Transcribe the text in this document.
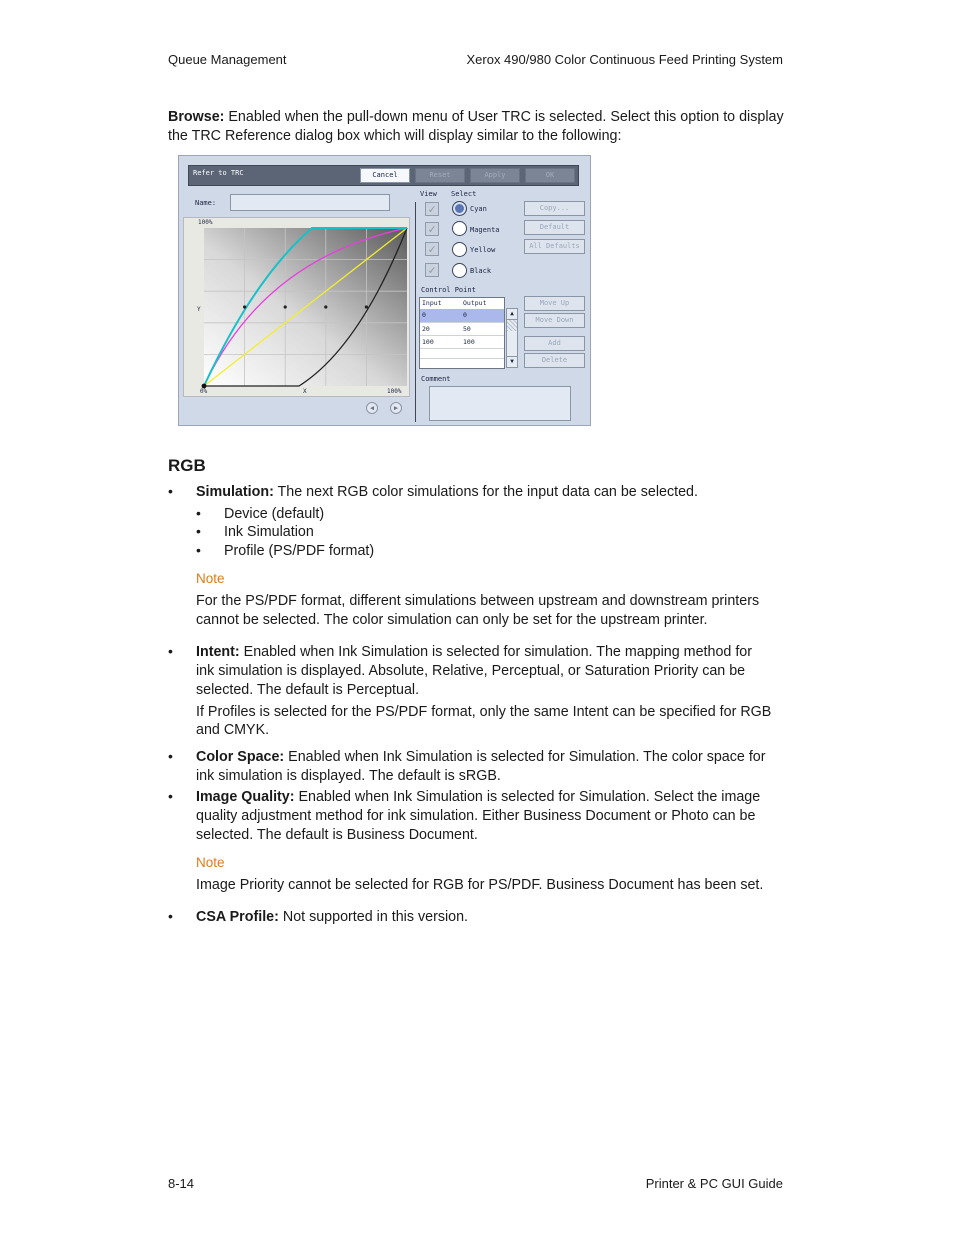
Queue Management	Xerox 490/980 Color Continuous Feed Printing System
Browse: Enabled when the pull-down menu of User TRC is selected. Select this option to display
the TRC Reference dialog box which will display similar to the following:
Refer to TRC	Cancel	Reset	Apply	OK
Name:
100%
Y
0%	X	100%
◀	▶
View Select
✓	Cyan
✓	Magenta
✓	Yellow
✓	Black
Copy...
Default
All Defaults
Control Point
Input	Output
0	0
20	50
100	100
▲
▼
Move Up
Move Down
Add
Delete
Comment
RGB
• Simulation: The next RGB color simulations for the input data can be selected.
• Device (default)
• Ink Simulation
• Profile (PS/PDF format)
Note
For the PS/PDF format, different simulations between upstream and downstream printers
cannot be selected. The color simulation can only be set for the upstream printer.
• Intent: Enabled when Ink Simulation is selected for simulation. The mapping method for
ink simulation is displayed. Absolute, Relative, Perceptual, or Saturation Priority can be
selected. The default is Perceptual.
If Profiles is selected for the PS/PDF format, only the same Intent can be specified for RGB
and CMYK.
• Color Space: Enabled when Ink Simulation is selected for Simulation. The color space for
ink simulation is displayed. The default is sRGB.
• Image Quality: Enabled when Ink Simulation is selected for Simulation. Select the image
quality adjustment method for ink simulation. Either Business Document or Photo can be
selected. The default is Business Document.
Note
Image Priority cannot be selected for RGB for PS/PDF. Business Document has been set.
• CSA Profile: Not supported in this version.
8-14	Printer & PC GUI Guide
